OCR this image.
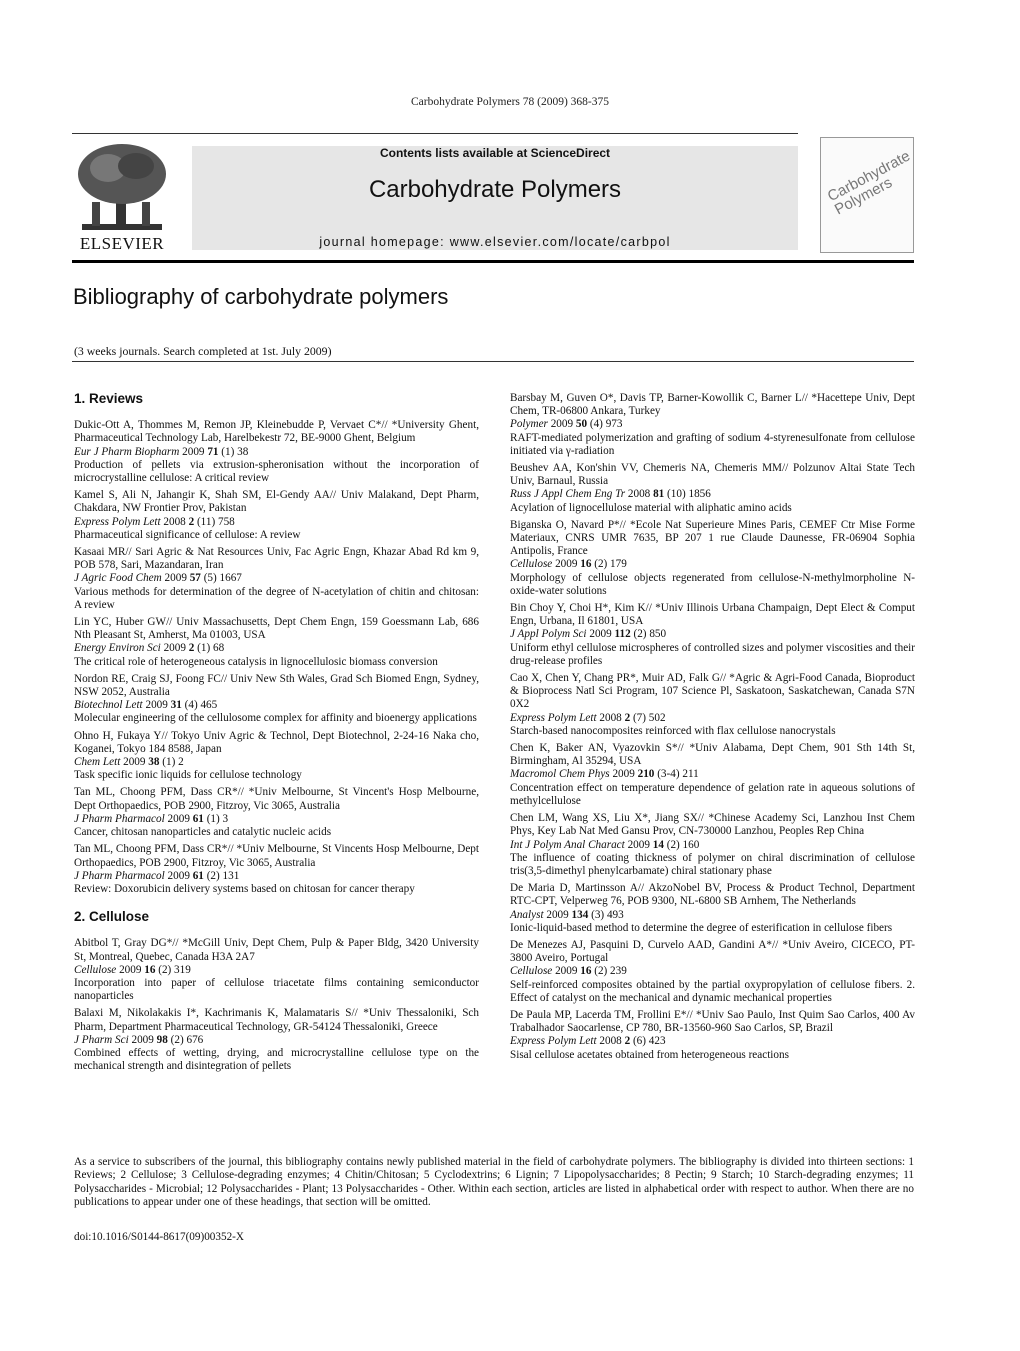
Carbohydrate Polymers 78 (2009) 368-375
ELSEVIER
Contents lists available at ScienceDirect
Carbohydrate Polymers
journal homepage: www.elsevier.com/locate/carbpol
Carbohydrate Polymers
Bibliography of carbohydrate polymers
(3 weeks journals. Search completed at 1st. July 2009)
1. Reviews
Dukic-Ott A, Thommes M, Remon JP, Kleinebudde P, Vervaet C*// *University Ghent, Pharmaceutical Technology Lab, Harelbekestr 72, BE-9000 Ghent, Belgium
Eur J Pharm Biopharm 2009 71 (1) 38
Production of pellets via extrusion-spheronisation without the incorporation of microcrystalline cellulose: A critical review
Kamel S, Ali N, Jahangir K, Shah SM, El-Gendy AA// Univ Malakand, Dept Pharm, Chakdara, NW Frontier Prov, Pakistan
Express Polym Lett 2008 2 (11) 758
Pharmaceutical significance of cellulose: A review
Kasaai MR// Sari Agric & Nat Resources Univ, Fac Agric Engn, Khazar Abad Rd km 9, POB 578, Sari, Mazandaran, Iran
J Agric Food Chem 2009 57 (5) 1667
Various methods for determination of the degree of N-acetylation of chitin and chitosan: A review
Lin YC, Huber GW// Univ Massachusetts, Dept Chem Engn, 159 Goessmann Lab, 686 Nth Pleasant St, Amherst, Ma 01003, USA
Energy Environ Sci 2009 2 (1) 68
The critical role of heterogeneous catalysis in lignocellulosic biomass conversion
Nordon RE, Craig SJ, Foong FC// Univ New Sth Wales, Grad Sch Biomed Engn, Sydney, NSW 2052, Australia
Biotechnol Lett 2009 31 (4) 465
Molecular engineering of the cellulosome complex for affinity and bioenergy applications
Ohno H, Fukaya Y// Tokyo Univ Agric & Technol, Dept Biotechnol, 2-24-16 Naka cho, Koganei, Tokyo 184 8588, Japan
Chem Lett 2009 38 (1) 2
Task specific ionic liquids for cellulose technology
Tan ML, Choong PFM, Dass CR*// *Univ Melbourne, St Vincent's Hosp Melbourne, Dept Orthopaedics, POB 2900, Fitzroy, Vic 3065, Australia
J Pharm Pharmacol 2009 61 (1) 3
Cancer, chitosan nanoparticles and catalytic nucleic acids
Tan ML, Choong PFM, Dass CR*// *Univ Melbourne, St Vincents Hosp Melbourne, Dept Orthopaedics, POB 2900, Fitzroy, Vic 3065, Australia
J Pharm Pharmacol 2009 61 (2) 131
Review: Doxorubicin delivery systems based on chitosan for cancer therapy
2. Cellulose
Abitbol T, Gray DG*// *McGill Univ, Dept Chem, Pulp & Paper Bldg, 3420 University St, Montreal, Quebec, Canada H3A 2A7
Cellulose 2009 16 (2) 319
Incorporation into paper of cellulose triacetate films containing semiconductor nanoparticles
Balaxi M, Nikolakakis I*, Kachrimanis K, Malamataris S// *Univ Thessaloniki, Sch Pharm, Department Pharmaceutical Technology, GR-54124 Thessaloniki, Greece
J Pharm Sci 2009 98 (2) 676
Combined effects of wetting, drying, and microcrystalline cellulose type on the mechanical strength and disintegration of pellets
Barsbay M, Guven O*, Davis TP, Barner-Kowollik C, Barner L// *Hacettepe Univ, Dept Chem, TR-06800 Ankara, Turkey
Polymer 2009 50 (4) 973
RAFT-mediated polymerization and grafting of sodium 4-styrenesulfonate from cellulose initiated via γ-radiation
Beushev AA, Kon'shin VV, Chemeris NA, Chemeris MM// Polzunov Altai State Tech Univ, Barnaul, Russia
Russ J Appl Chem Eng Tr 2008 81 (10) 1856
Acylation of lignocellulose material with aliphatic amino acids
Biganska O, Navard P*// *Ecole Nat Superieure Mines Paris, CEMEF Ctr Mise Forme Materiaux, CNRS UMR 7635, BP 207 1 rue Claude Daunesse, FR-06904 Sophia Antipolis, France
Cellulose 2009 16 (2) 179
Morphology of cellulose objects regenerated from cellulose-N-methylmorpholine N-oxide-water solutions
Bin Choy Y, Choi H*, Kim K// *Univ Illinois Urbana Champaign, Dept Elect & Comput Engn, Urbana, Il 61801, USA
J Appl Polym Sci 2009 112 (2) 850
Uniform ethyl cellulose microspheres of controlled sizes and polymer viscosities and their drug-release profiles
Cao X, Chen Y, Chang PR*, Muir AD, Falk G// *Agric & Agri-Food Canada, Bioproduct & Bioprocess Natl Sci Program, 107 Science Pl, Saskatoon, Saskatchewan, Canada S7N 0X2
Express Polym Lett 2008 2 (7) 502
Starch-based nanocomposites reinforced with flax cellulose nanocrystals
Chen K, Baker AN, Vyazovkin S*// *Univ Alabama, Dept Chem, 901 Sth 14th St, Birmingham, Al 35294, USA
Macromol Chem Phys 2009 210 (3-4) 211
Concentration effect on temperature dependence of gelation rate in aqueous solutions of methylcellulose
Chen LM, Wang XS, Liu X*, Jiang SX// *Chinese Academy Sci, Lanzhou Inst Chem Phys, Key Lab Nat Med Gansu Prov, CN-730000 Lanzhou, Peoples Rep China
Int J Polym Anal Charact 2009 14 (2) 160
The influence of coating thickness of polymer on chiral discrimination of cellulose tris(3,5-dimethyl phenylcarbamate) chiral stationary phase
De Maria D, Martinsson A// AkzoNobel BV, Process & Product Technol, Department RTC-CPT, Velperweg 76, POB 9300, NL-6800 SB Arnhem, The Netherlands
Analyst 2009 134 (3) 493
Ionic-liquid-based method to determine the degree of esterification in cellulose fibers
De Menezes AJ, Pasquini D, Curvelo AAD, Gandini A*// *Univ Aveiro, CICECO, PT-3800 Aveiro, Portugal
Cellulose 2009 16 (2) 239
Self-reinforced composites obtained by the partial oxypropylation of cellulose fibers. 2. Effect of catalyst on the mechanical and dynamic mechanical properties
De Paula MP, Lacerda TM, Frollini E*// *Univ Sao Paulo, Inst Quim Sao Carlos, 400 Av Trabalhador Saocarlense, CP 780, BR-13560-960 Sao Carlos, SP, Brazil
Express Polym Lett 2008 2 (6) 423
Sisal cellulose acetates obtained from heterogeneous reactions
As a service to subscribers of the journal, this bibliography contains newly published material in the field of carbohydrate polymers. The bibliography is divided into thirteen sections: 1 Reviews; 2 Cellulose; 3 Cellulose-degrading enzymes; 4 Chitin/Chitosan; 5 Cyclodextrins; 6 Lignin; 7 Lipopolysaccharides; 8 Pectin; 9 Starch; 10 Starch-degrading enzymes; 11 Polysaccharides - Microbial; 12 Polysaccharides - Plant; 13 Polysaccharides - Other. Within each section, articles are listed in alphabetical order with respect to author. When there are no publications to appear under one of these headings, that section will be omitted.
doi:10.1016/S0144-8617(09)00352-X
